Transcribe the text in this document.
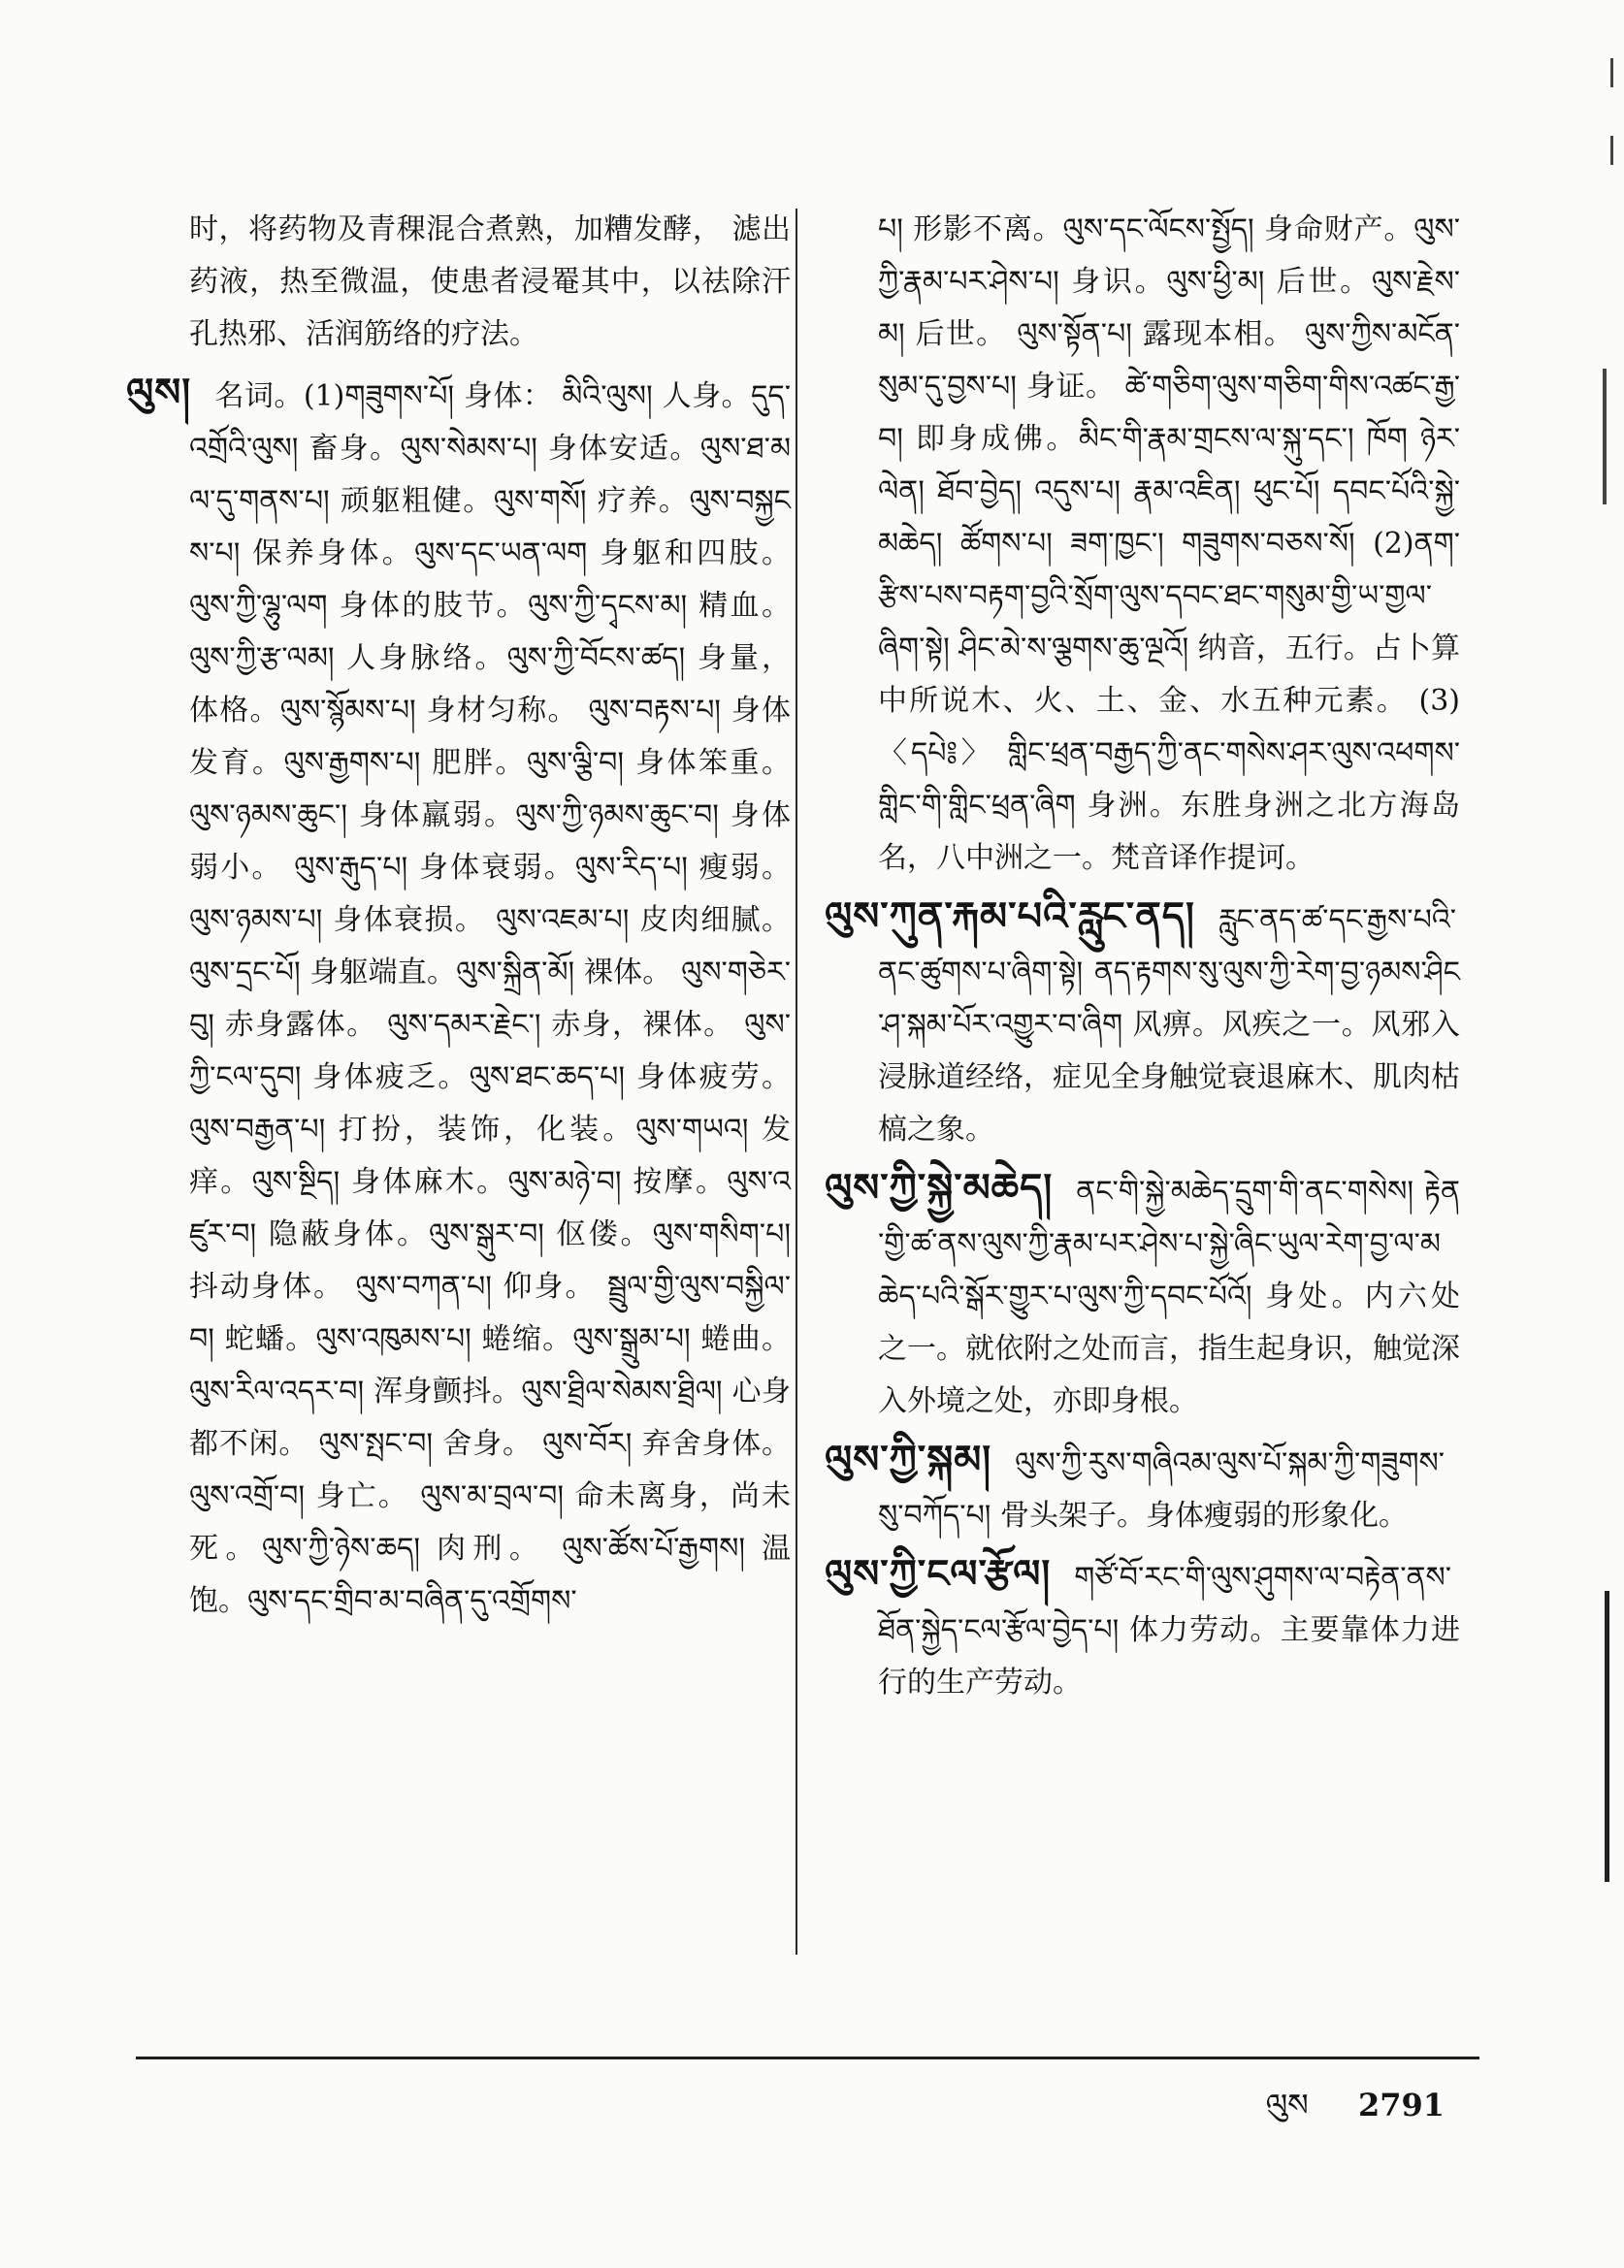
时，将药物及青稞混合煮熟，加糟发酵， 滤出药液，热至微温，使患者浸罨其中，以祛除汗孔热邪、活润筋络的疗法。

ལུས། 名词。(1)གཟུགས་པོ། 身体： མིའི་ལུས། 人身。དུད་འགྲོའི་ལུས། 畜身。ལུས་སེམས་པ། 身体安适。ལུས་ཐ་མལ་དུ་གནས་པ། 顽躯粗健。ལུས་གསོ། 疗养。ལུས་བསྐྱངས་པ། 保养身体。ལུས་དང་ཡན་ལག 身躯和四肢。ལུས་ཀྱི་ལྷུ་ལག 身体的肢节。ལུས་ཀྱི་དྭངས་མ། 精血。 ལུས་ཀྱི་རྩ་ལམ། 人身脉络。ལུས་ཀྱི་བོངས་ཚད། 身量，体格。ལུས་སྙོམས་པ། 身材匀称。 ལུས་བརྟས་པ། 身体发育。ལུས་རྒྱགས་པ། 肥胖。ལུས་ལྕི་བ། 身体笨重。ལུས་ཉམས་ཆུང་། 身体羸弱。ལུས་ཀྱི་ཉམས་ཆུང་བ། 身体弱小。 ལུས་རྒུད་པ། 身体衰弱。ལུས་རིད་པ། 瘦弱。 ལུས་ཉམས་པ། 身体衰损。 ལུས་འཇམ་པ། 皮肉细腻。 ལུས་དྲང་པོ། 身躯端直。ལུས་སྐྲིན་མོ། 裸体。 ལུས་གཅེར་བུ། 赤身露体。 ལུས་དམར་རྗེང་། 赤身，裸体。 ལུས་ཀྱི་ངལ་དུབ། 身体疲乏。ལུས་ཐང་ཆད་པ། 身体疲劳。ལུས་བརྒྱན་པ། 打扮，装饰，化装。ལུས་གཡའ། 发痒。ལུས་སྔིད། 身体麻木。ལུས་མཉེ་བ། 按摩。ལུས་འཛུར་བ། 隐蔽身体。ལུས་སྒུར་བ། 伛偻。ལུས་གསིག་པ། 抖动身体。 ལུས་བཀན་པ། 仰身。 སྦྲུལ་གྱི་ལུས་བསྐྱིལ་བ། 蛇蟠。ལུས་འཁུམས་པ། 蜷缩。ལུས་སྒྲུམ་པ། 蜷曲。 ལུས་རིལ་འདར་བ། 浑身颤抖。ལུས་ཐྲིལ་སེམས་ཐྲིལ། 心身都不闲。 ལུས་སྤང་བ། 舍身。 ལུས་བོར། 弃舍身体。 ལུས་འགྲོ་བ། 身亡。 ལུས་མ་བྲལ་བ། 命未离身，尚未死。ལུས་ཀྱི་ཉེས་ཆད། 肉刑。 ལུས་ཚོས་པོ་རྒྱགས། 温饱。ལུས་དང་གྲིབ་མ་བཞིན་དུ་འགྲོགས་

པ། 形影不离。ལུས་དང་ལོངས་སྤྱོད། 身命财产。ལུས་ཀྱི་རྣམ་པར་ཤེས་པ། 身识。ལུས་ཕྱི་མ། 后世。ལུས་རྗེས་མ། 后世。 ལུས་སྟོན་པ། 露现本相。 ལུས་ཀྱིས་མངོན་སུམ་དུ་བྱས་པ། 身证。 ཚེ་གཅིག་ལུས་གཅིག་གིས་འཚང་རྒྱ་བ། 即身成佛。མིང་གི་རྣམ་གྲངས་ལ་སྐུ་དང་། ཁོག ཉེར་ལེན། ཐོབ་བྱེད། འདུས་པ། རྣམ་འཇིན། ཕུང་པོ། དབང་པོའི་སྐྱེ་མཆེད། ཚོགས་པ། ཟག་ཁྱང་། གཟུགས་བཅས་སོ། (2)ནག་རྩིས་པས་བརྟག་བྱའི་སྲོག་ལུས་དབང་ཐང་གསུམ་གྱི་ཡ་གྱལ་ཞིག་སྟེ། ཤིང་མེ་ས་ལྕགས་ཆུ་ལྔའོ། 纳音，五行。占卜算中所说木、火、土、金、水五种元素。 (3) 〈དཔེ༔〉 གླིང་ཕྲན་བརྒྱད་ཀྱི་ནང་གསེས་ཤར་ལུས་འཕགས་གླིང་གི་གླིང་ཕྲན་ཞིག 身洲。东胜身洲之北方海岛名，八中洲之一。梵音译作提诃。

ལུས་ཀུན་རྐམ་པའི་རླུང་ནད། རླུང་ནད་ཚ་དང་རྒྱས་པའི་ནང་ཚུགས་པ་ཞིག་སྟེ། ནད་རྟགས་སུ་ལུས་ཀྱི་རེག་བྱ་ཉམས་ཤིང་ཤ་སྐམ་པོར་འགྱུར་བ་ཞིག 风痹。风疾之一。风邪入浸脉道经络，症见全身触觉衰退麻木、肌肉枯槁之象。

ལུས་ཀྱི་སྐྱེ་མཆེད། ནང་གི་སྐྱེ་མཆེད་དྲུག་གི་ནང་གསེས། རྟེན་གྱི་ཚ་ནས་ལུས་ཀྱི་རྣམ་པར་ཤེས་པ་སྐྱེ་ཞིང་ཡུལ་རེག་བྱ་ལ་མཆེད་པའི་སྒོར་གྱུར་པ་ལུས་ཀྱི་དབང་པོའོ། 身处。内六处之一。就依附之处而言，指生起身识，触觉深入外境之处，亦即身根。

ལུས་ཀྱི་སྐམ། ལུས་ཀྱི་རུས་གཞིའམ་ལུས་པོ་སྐམ་ཀྱི་གཟུགས་སུ་བཀོད་པ། 骨头架子。身体瘦弱的形象化。

ལུས་ཀྱི་ངལ་རྩོལ། གཙོ་བོ་རང་གི་ལུས་ཤུགས་ལ་བརྟེན་ནས་ཐོན་སྐྱེད་ངལ་རྩོལ་བྱེད་པ། 体力劳动。主要靠体力进行的生产劳动。

ལུས 2791
